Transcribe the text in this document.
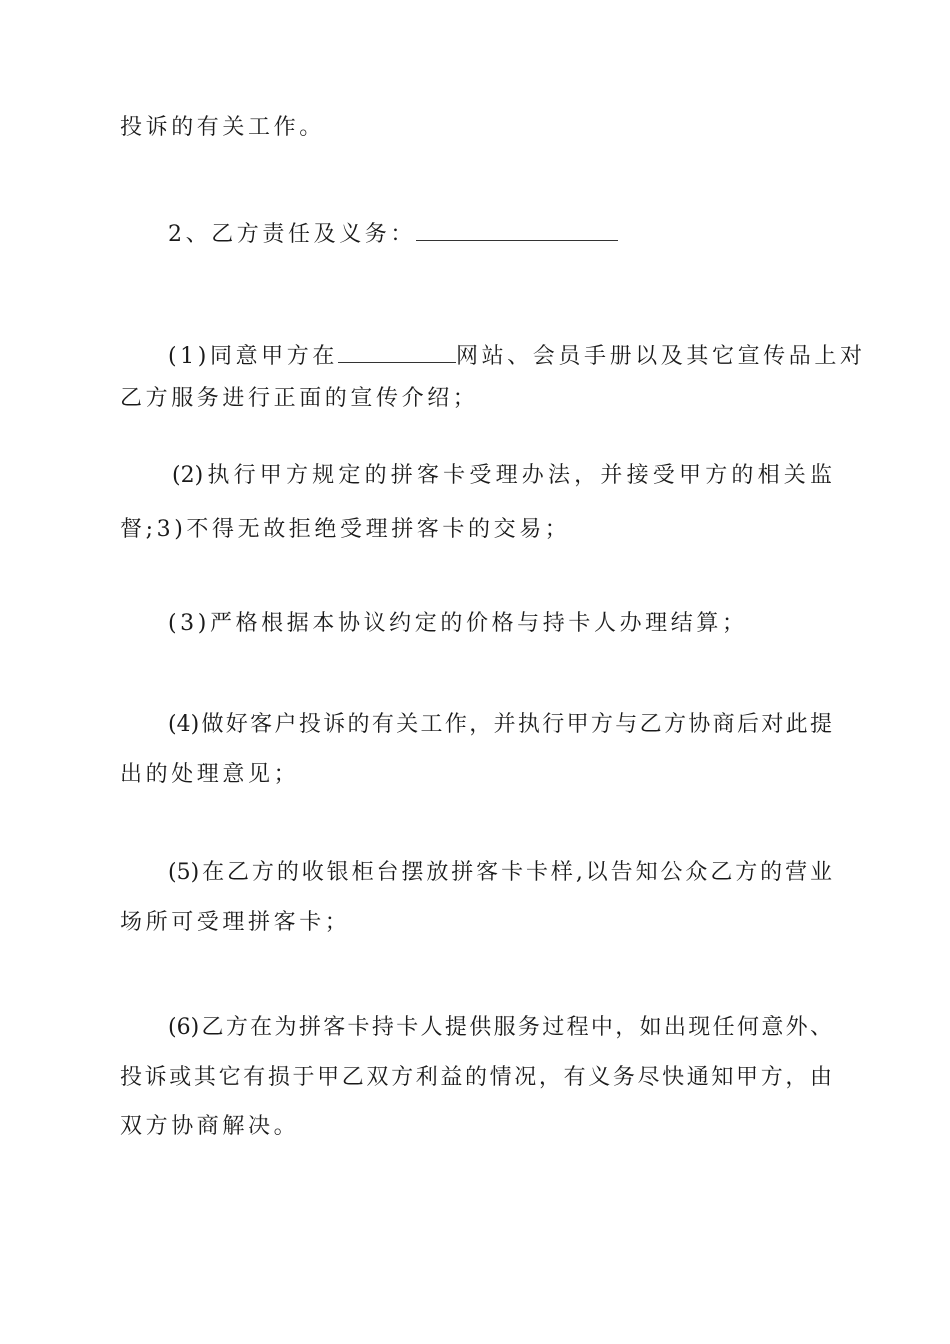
投诉的有关工作。
2、乙方责任及义务：
(1)同意甲方在	网站、会员手册以及其它宣传品上对
乙方服务进行正面的宣传介绍；
(2)执行甲方规定的拼客卡受理办法，并接受甲方的相关监
督;3)不得无故拒绝受理拼客卡的交易；
(3)严格根据本协议约定的价格与持卡人办理结算；
(4)做好客户投诉的有关工作，并执行甲方与乙方协商后对此提
出的处理意见；
(5)在乙方的收银柜台摆放拼客卡卡样,以告知公众乙方的营业
场所可受理拼客卡；
(6)乙方在为拼客卡持卡人提供服务过程中，如出现任何意外、
投诉或其它有损于甲乙双方利益的情况，有义务尽快通知甲方，由
双方协商解决。
